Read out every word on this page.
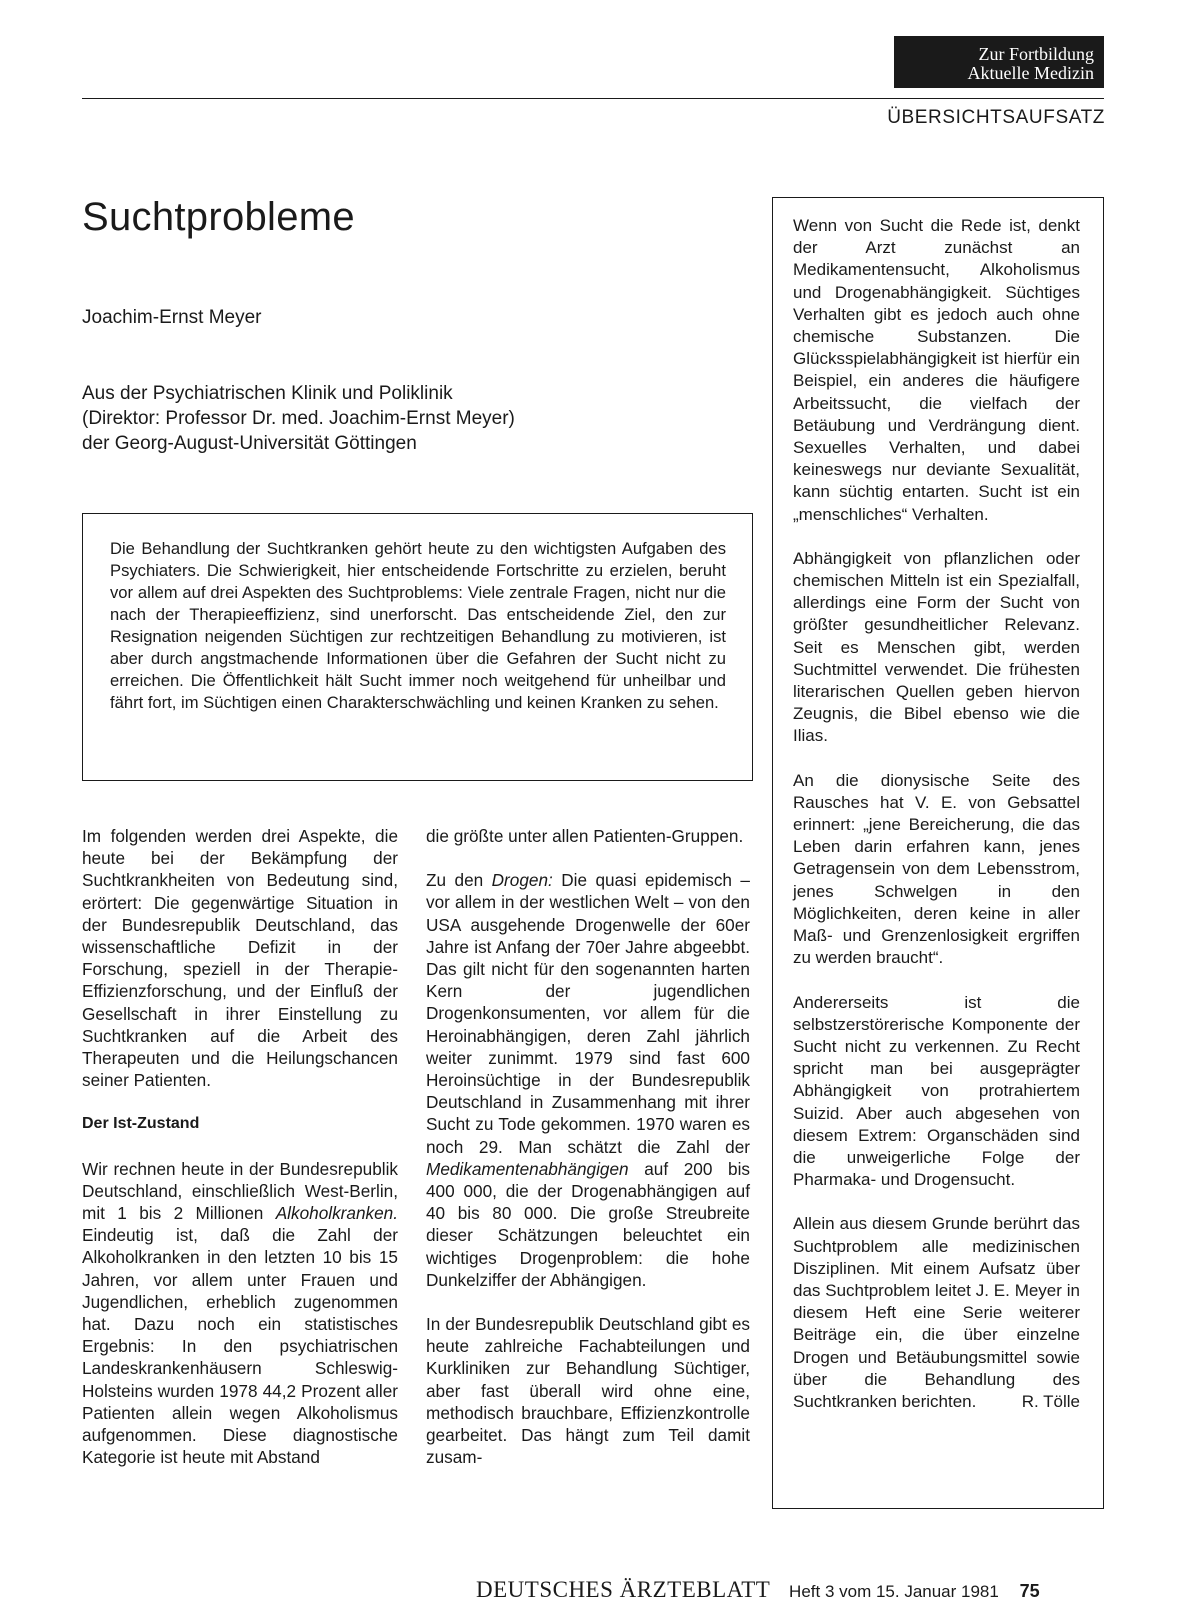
Zur Fortbildung
Aktuelle Medizin
ÜBERSICHTSAUFSATZ
Suchtprobleme
Joachim-Ernst Meyer
Aus der Psychiatrischen Klinik und Poliklinik
(Direktor: Professor Dr. med. Joachim-Ernst Meyer)
der Georg-August-Universität Göttingen
Die Behandlung der Suchtkranken gehört heute zu den wichtigsten Aufgaben des Psychiaters. Die Schwierigkeit, hier entscheidende Fortschritte zu erzielen, beruht vor allem auf drei Aspekten des Suchtproblems: Viele zentrale Fragen, nicht nur die nach der Therapieeffizienz, sind unerforscht. Das entscheidende Ziel, den zur Resignation neigenden Süchtigen zur rechtzeitigen Behandlung zu motivieren, ist aber durch angstmachende Informationen über die Gefahren der Sucht nicht zu erreichen. Die Öffentlichkeit hält Sucht immer noch weitgehend für unheilbar und fährt fort, im Süchtigen einen Charakterschwächling und keinen Kranken zu sehen.

Im folgenden werden drei Aspekte, die heute bei der Bekämpfung der Suchtkrankheiten von Bedeutung sind, erörtert: Die gegenwärtige Situation in der Bundesrepublik Deutschland, das wissenschaftliche Defizit in der Forschung, speziell in der Therapie-Effizienzforschung, und der Einfluß der Gesellschaft in ihrer Einstellung zu Suchtkranken auf die Arbeit des Therapeuten und die Heilungschancen seiner Patienten.

Der Ist-Zustand

Wir rechnen heute in der Bundesrepublik Deutschland, einschließlich West-Berlin, mit 1 bis 2 Millionen Alkoholkranken. Eindeutig ist, daß die Zahl der Alkoholkranken in den letzten 10 bis 15 Jahren, vor allem unter Frauen und Jugendlichen, erheblich zugenommen hat. Dazu noch ein statistisches Ergebnis: In den psychiatrischen Landeskrankenhäusern Schleswig-Holsteins wurden 1978 44,2 Prozent aller Patienten allein wegen Alkoholismus aufgenommen. Diese diagnostische Kategorie ist heute mit Abstand

die größte unter allen Patienten-Gruppen.

Zu den Drogen: Die quasi epidemisch – vor allem in der westlichen Welt – von den USA ausgehende Drogenwelle der 60er Jahre ist Anfang der 70er Jahre abgeebbt. Das gilt nicht für den sogenannten harten Kern der jugendlichen Drogenkonsumenten, vor allem für die Heroinabhängigen, deren Zahl jährlich weiter zunimmt. 1979 sind fast 600 Heroinsüchtige in der Bundesrepublik Deutschland in Zusammenhang mit ihrer Sucht zu Tode gekommen. 1970 waren es noch 29. Man schätzt die Zahl der Medikamentenabhängigen auf 200 bis 400 000, die der Drogenabhängigen auf 40 bis 80 000. Die große Streubreite dieser Schätzungen beleuchtet ein wichtiges Drogenproblem: die hohe Dunkelziffer der Abhängigen.

In der Bundesrepublik Deutschland gibt es heute zahlreiche Fachabteilungen und Kurkliniken zur Behandlung Süchtiger, aber fast überall wird ohne eine, methodisch brauchbare, Effizienzkontrolle gearbeitet. Das hängt zum Teil damit zusam-

Wenn von Sucht die Rede ist, denkt der Arzt zunächst an Medikamentensucht, Alkoholismus und Drogenabhängigkeit. Süchtiges Verhalten gibt es jedoch auch ohne chemische Substanzen. Die Glücksspielabhängigkeit ist hierfür ein Beispiel, ein anderes die häufigere Arbeitssucht, die vielfach der Betäubung und Verdrängung dient. Sexuelles Verhalten, und dabei keineswegs nur deviante Sexualität, kann süchtig entarten. Sucht ist ein „menschliches“ Verhalten.

Abhängigkeit von pflanzlichen oder chemischen Mitteln ist ein Spezialfall, allerdings eine Form der Sucht von größter gesundheitlicher Relevanz. Seit es Menschen gibt, werden Suchtmittel verwendet. Die frühesten literarischen Quellen geben hiervon Zeugnis, die Bibel ebenso wie die Ilias.

An die dionysische Seite des Rausches hat V. E. von Gebsattel erinnert: „jene Bereicherung, die das Leben darin erfahren kann, jenes Getragensein von dem Lebensstrom, jenes Schwelgen in den Möglichkeiten, deren keine in aller Maß- und Grenzenlosigkeit ergriffen zu werden braucht“.

Andererseits ist die selbstzerstörerische Komponente der Sucht nicht zu verkennen. Zu Recht spricht man bei ausgeprägter Abhängigkeit von protrahiertem Suizid. Aber auch abgesehen von diesem Extrem: Organschäden sind die unweigerliche Folge der Pharmaka- und Drogensucht.

Allein aus diesem Grunde berührt das Suchtproblem alle medizinischen Disziplinen. Mit einem Aufsatz über das Suchtproblem leitet J. E. Meyer in diesem Heft eine Serie weiterer Beiträge ein, die über einzelne Drogen und Betäubungsmittel sowie über die Behandlung des Suchtkranken berichten.	R. Tölle

DEUTSCHES ÄRZTEBLATT Heft 3 vom 15. Januar 1981 75
